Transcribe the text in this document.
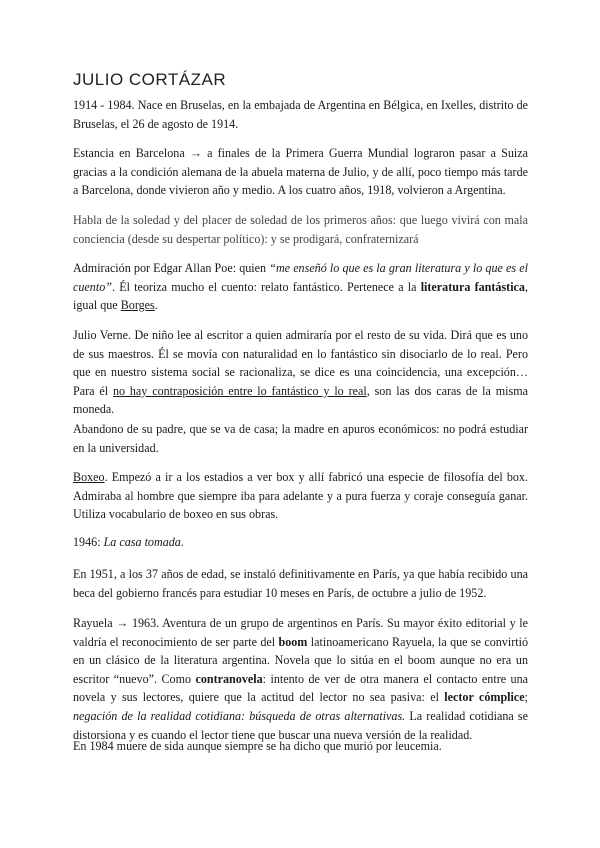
JULIO CORTÁZAR

1914 - 1984. Nace en Bruselas, en la embajada de Argentina en Bélgica, en Ixelles, distrito de Bruselas, el 26 de agosto de 1914.

Estancia en Barcelona → a finales de la Primera Guerra Mundial lograron pasar a Suiza gracias a la condición alemana de la abuela materna de Julio, y de allí, poco tiempo más tarde a Barcelona, donde vivieron año y medio. A los cuatro años, 1918, volvieron a Argentina.

Habla de la soledad y del placer de soledad de los primeros años: que luego vivirá con mala conciencia (desde su despertar político): y se prodigará, confraternizará

Admiración por Edgar Allan Poe: quien “me enseñó lo que es la gran literatura y lo que es el cuento”. Él teoriza mucho el cuento: relato fantástico. Pertenece a la literatura fantástica, igual que Borges.

Julio Verne. De niño lee al escritor a quien admiraría por el resto de su vida. Dirá que es uno de sus maestros. Él se movía con naturalidad en lo fantástico sin disociarlo de lo real. Pero que en nuestro sistema social se racionaliza, se dice es una coincidencia, una excepción… Para él no hay contraposición entre lo fantástico y lo real, son las dos caras de la misma moneda.

Abandono de su padre, que se va de casa; la madre en apuros económicos: no podrá estudiar en la universidad.

Boxeo. Empezó a ir a los estadios a ver box y allí fabricó una especie de filosofía del box. Admiraba al hombre que siempre iba para adelante y a pura fuerza y coraje conseguía ganar. Utiliza vocabulario de boxeo en sus obras.

1946: La casa tomada.

En 1951, a los 37 años de edad, se instaló definitivamente en París, ya que había recibido una beca del gobierno francés para estudiar 10 meses en París, de octubre a julio de 1952.

Rayuela → 1963. Aventura de un grupo de argentinos en París. Su mayor éxito editorial y le valdría el reconocimiento de ser parte del boom latinoamericano Rayuela, la que se convirtió en un clásico de la literatura argentina. Novela que lo sitúa en el boom aunque no era un escritor “nuevo”. Como contranovela: intento de ver de otra manera el contacto entre una novela y sus lectores, quiere que la actitud del lector no sea pasiva: el lector cómplice; negación de la realidad cotidiana: búsqueda de otras alternativas. La realidad cotidiana se distorsiona y es cuando el lector tiene que buscar una nueva versión de la realidad.

En 1984 muere de sida aunque siempre se ha dicho que murió por leucemia.
